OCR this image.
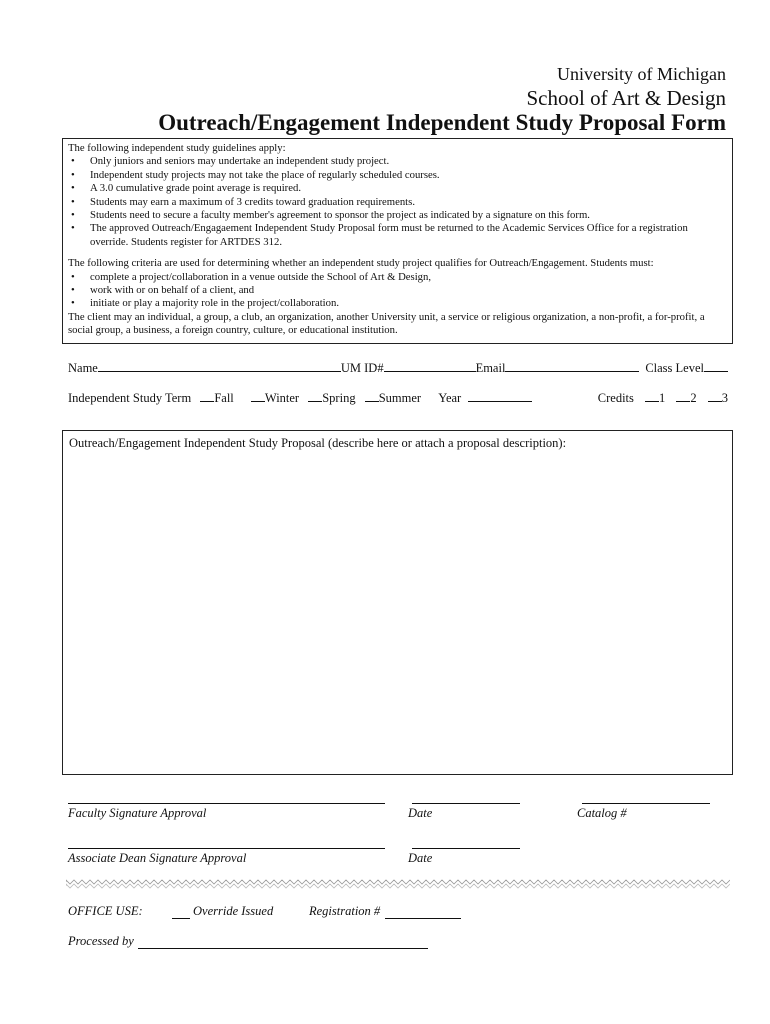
University of Michigan
School of Art & Design
Outreach/Engagement Independent Study Proposal Form
The following independent study guidelines apply:
• Only juniors and seniors may undertake an independent study project.
• Independent study projects may not take the place of regularly scheduled courses.
• A 3.0 cumulative grade point average is required.
• Students may earn a maximum of 3 credits toward graduation requirements.
• Students need to secure a faculty member's agreement to sponsor the project as indicated by a signature on this form.
• The approved Outreach/Engagaement Independent Study Proposal form must be returned to the Academic Services Office for a registration override. Students register for ARTDES 312.
The following criteria are used for determining whether an independent study project qualifies for Outreach/Engagement. Students must:
• complete a project/collaboration in a venue outside the School of Art & Design,
• work with or on behalf of a client, and
• initiate or play a majority role in the project/collaboration.
The client may an individual, a group, a club, an organization, another University unit, a service or religious organization, a non-profit, a for-profit, a social group, a business, a foreign country, culture, or educational institution.
Name	UM ID#	Email	Class Level
Independent Study Term Fall Winter Spring Summer Year	Credits 1 2 3
Outreach/Engagement Independent Study Proposal (describe here or attach a proposal description):
Faculty Signature Approval	Date	Catalog #
Associate Dean Signature Approval	Date
OFFICE USE:	Override Issued	Registration #
Processed by
